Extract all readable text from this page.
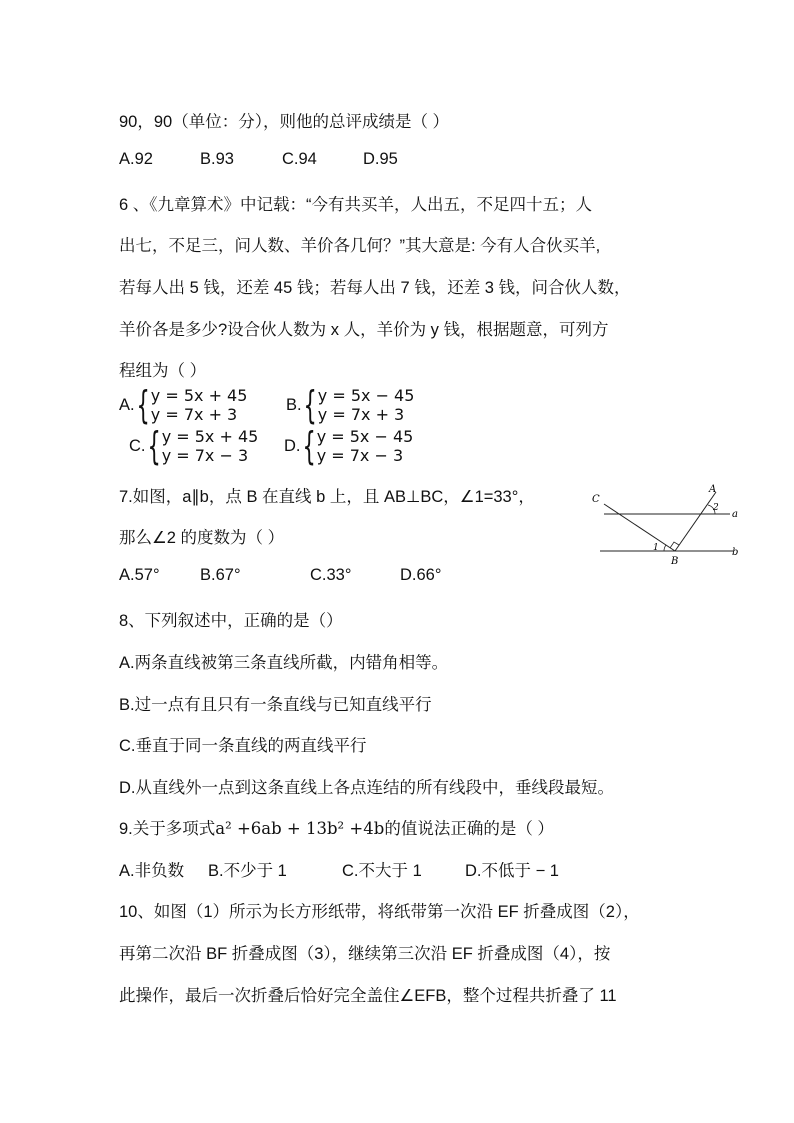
90，90（单位：分），则他的总评成绩是（ ）
A.92	B.93	C.94	D.95
6 、《九章算术》中记载：“今有共买羊，人出五，不足四十五；人
出七，不足三，问人数、羊价各几何？”其大意是: 今有人合伙买羊,
若每人出 5 钱，还差 45 钱；若每人出 7 钱，还差 3 钱，问合伙人数，
羊价各是多少?设合伙人数为 x 人，羊价为 y 钱，根据题意，可列方
程组为（ ）
A. { y = 5x + 45
y = 7x + 3
B. { y = 5x − 45
y = 7x + 3
C. { y = 5x + 45
y = 7x − 3
D. { y = 5x − 45
y = 7x − 3
7.如图，a∥b，点 B 在直线 b 上，且 AB⊥BC，∠1=33°，
那么∠2 的度数为（ ）
A.57° B.67°	C.33°	D.66°
C
A
2
a
b
1
B
8、下列叙述中，正确的是（）
A.两条直线被第三条直线所截，内错角相等。
B.过一点有且只有一条直线与已知直线平行
C.垂直于同一条直线的两直线平行
D.从直线外一点到这条直线上各点连结的所有线段中，垂线段最短。
9.关于多项式a² +6ab + 13b² +4b的值说法正确的是（ ）
A.非负数 B.不少于 1	C.不大于 1	D.不低于 − 1
10、如图（1）所示为长方形纸带，将纸带第一次沿 EF 折叠成图（2），
再第二次沿 BF 折叠成图（3），继续第三次沿 EF 折叠成图（4），按
此操作，最后一次折叠后恰好完全盖住∠EFB，整个过程共折叠了 11
